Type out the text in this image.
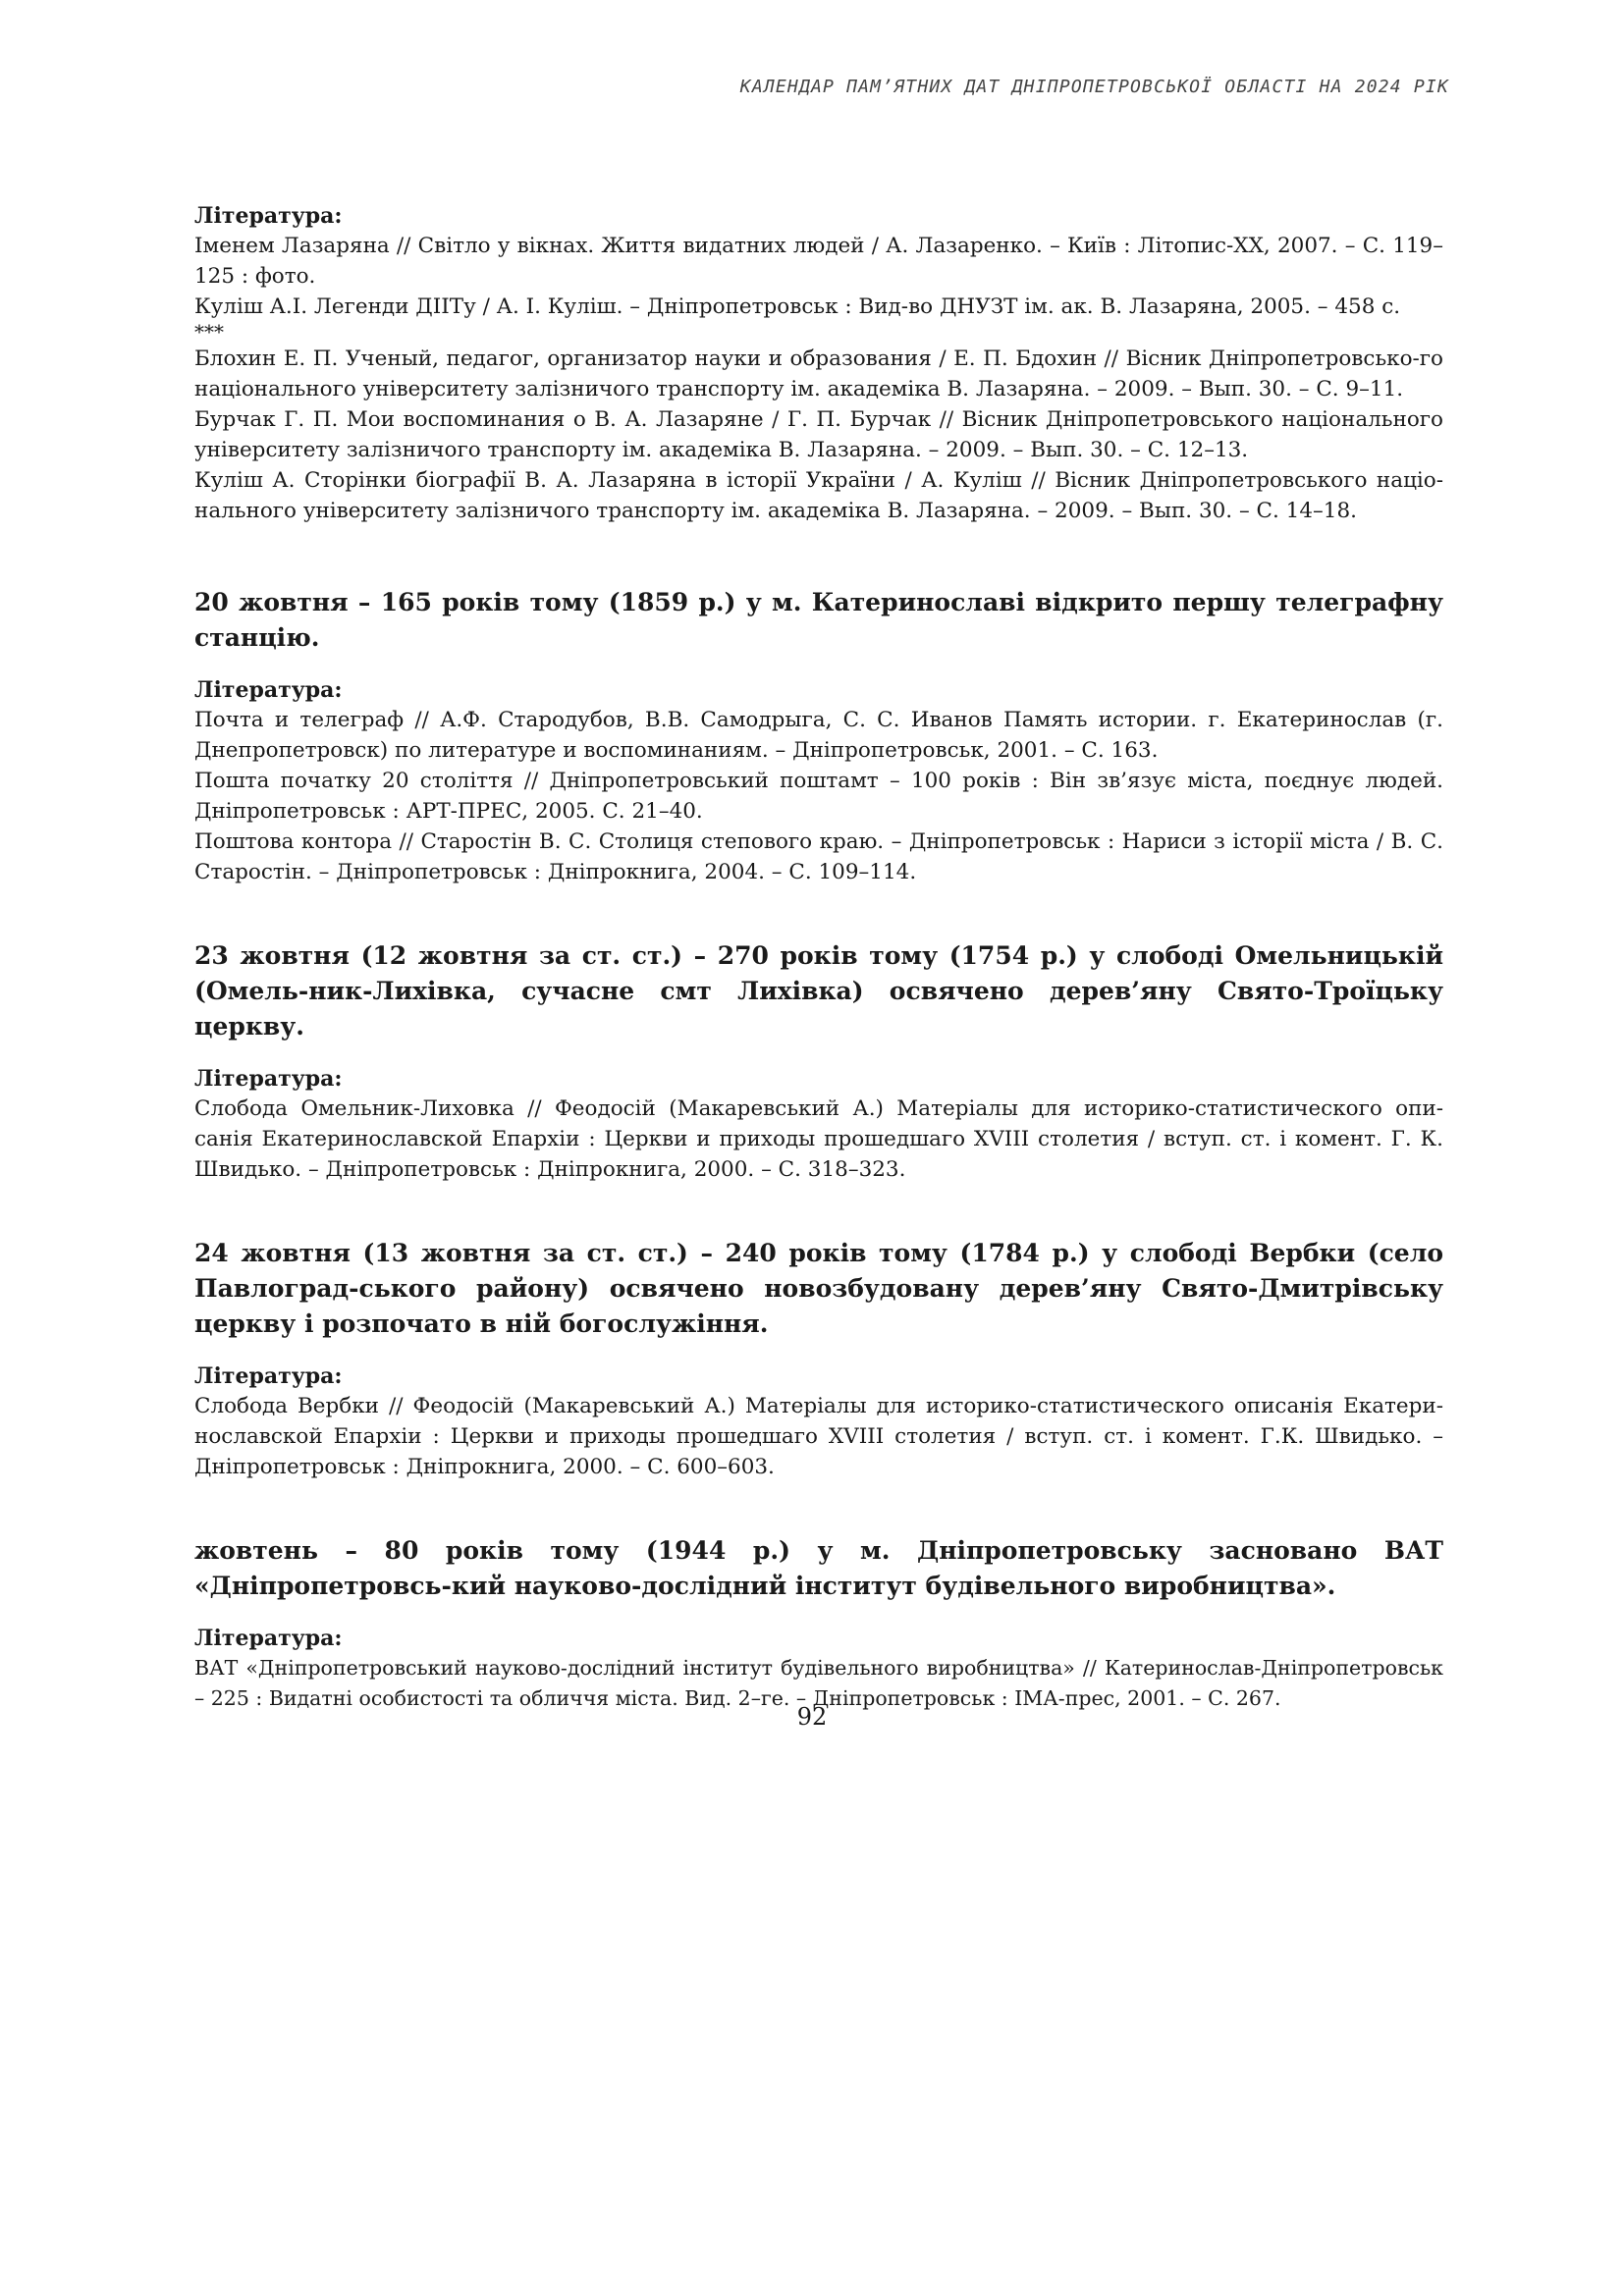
КАЛЕНДАР ПАМ’ЯТНИХ ДАТ ДНІПРОПЕТРОВСЬКОЇ ОБЛАСТІ НА 2024 РІК

Література:

Іменем Лазаряна // Світло у вікнах. Життя видатних людей / А. Лазаренко. – Київ : Літопис-ХХ, 2007. – С. 119–125 : фото.

Куліш А.І. Легенди ДІІТу / А. І. Куліш. – Дніпропетровськ : Вид-во ДНУЗТ ім. ак. В. Лазаряна, 2005. – 458 с.

***

Блохин Е. П. Ученый, педагог, организатор науки и образования / Е. П. Бдохин // Вісник Дніпропетровсько-го національного університету залізничого транспорту ім. академіка В. Лазаряна. – 2009. – Вып. 30. – С. 9–11.

Бурчак Г. П. Мои воспоминания о В. А. Лазаряне / Г. П. Бурчак // Вісник Дніпропетровського національного університету залізничого транспорту ім. академіка В. Лазаряна. – 2009. – Вып. 30. – С. 12–13.

Куліш А. Сторінки біографії В. А. Лазаряна в історії України / А. Куліш // Вісник Дніпропетровського націо-нального університету залізничого транспорту ім. академіка В. Лазаряна. – 2009. – Вып. 30. – С. 14–18.

20 жовтня – 165 років тому (1859 р.) у м. Катеринославі відкрито першу телеграфну станцію.

Література:

Почта и телеграф // А.Ф. Стародубов, В.В. Самодрыга, С. С. Иванов Память истории. г. Екатеринослав (г. Днепропетровск) по литературе и воспоминаниям. – Дніпропетровськ, 2001. – С. 163.

Пошта початку 20 століття // Дніпропетровський поштамт – 100 років : Він зв’язує міста, поєднує людей. Дніпропетровськ : АРТ-ПРЕС, 2005. С. 21–40.

Поштова контора // Старостін В. С. Столиця степового краю. – Дніпропетровськ : Нариси з історії міста / В. С. Старостін. – Дніпропетровськ : Дніпрокнига, 2004. – С. 109–114.

23 жовтня (12 жовтня за ст. ст.) – 270 років тому (1754 р.) у слободі Омельницькій (Омель-ник-Лихівка, сучасне смт Лихівка) освячено дерев’яну Свято-Троїцьку церкву.

Література:

Слобода Омельник-Лиховка // Феодосій (Макаревський А.) Матеріалы для историко-статистического опи-санія Екатеринославской Епархіи : Церкви и приходы прошедшаго XVIII столетия / вступ. ст. і комент. Г. К. Швидько. – Дніпропетровськ : Дніпрокнига, 2000. – С. 318–323.

24 жовтня (13 жовтня за ст. ст.) – 240 років тому (1784 р.) у слободі Вербки (село Павлоград-ського району) освячено новозбудовану дерев’яну Свято-Дмитрівську церкву і розпочато в ній богослужіння.

Література:

Слобода Вербки // Феодосій (Макаревський А.) Матеріалы для историко-статистического описанія Екатери-нославской Епархіи : Церкви и приходы прошедшаго XVIII столетия / вступ. ст. і комент. Г.К. Швидько. – Дніпропетровськ : Дніпрокнига, 2000. – С. 600–603.

жовтень – 80 років тому (1944 р.) у м. Дніпропетровську засновано ВАТ «Дніпропетровсь-кий науково-дослідний інститут будівельного виробництва».

Література:

ВАТ «Дніпропетровський науково-дослідний інститут будівельного виробництва» // Катеринослав-Дніпропетровськ – 225 : Видатні особистості та обличчя міста. Вид. 2–ге. – Дніпропетровськ : ІМА-прес, 2001. – С. 267.

92
